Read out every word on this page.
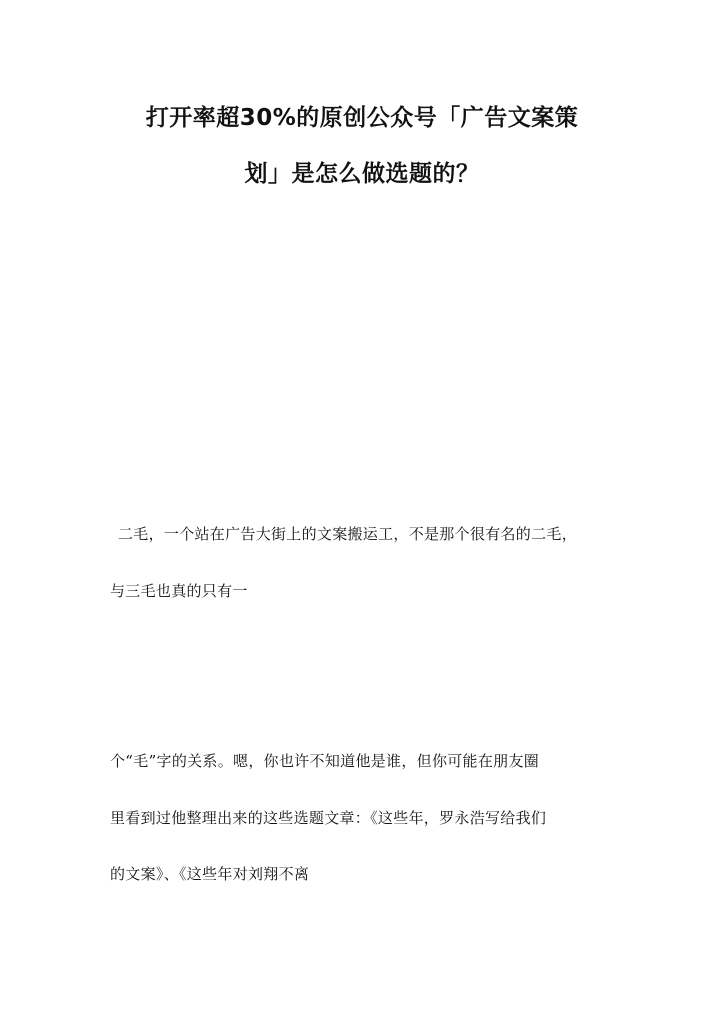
打开率超30%的原创公众号「广告文案策
划」是怎么做选题的？
二毛，一个站在广告大街上的文案搬运工，不是那个很有名的二毛，
与三毛也真的只有一
个“毛”字的关系。嗯，你也许不知道他是谁，但你可能在朋友圈
里看到过他整理出来的这些选题文章：《这些年，罗永浩写给我们
的文案》、《这些年对刘翔不离
